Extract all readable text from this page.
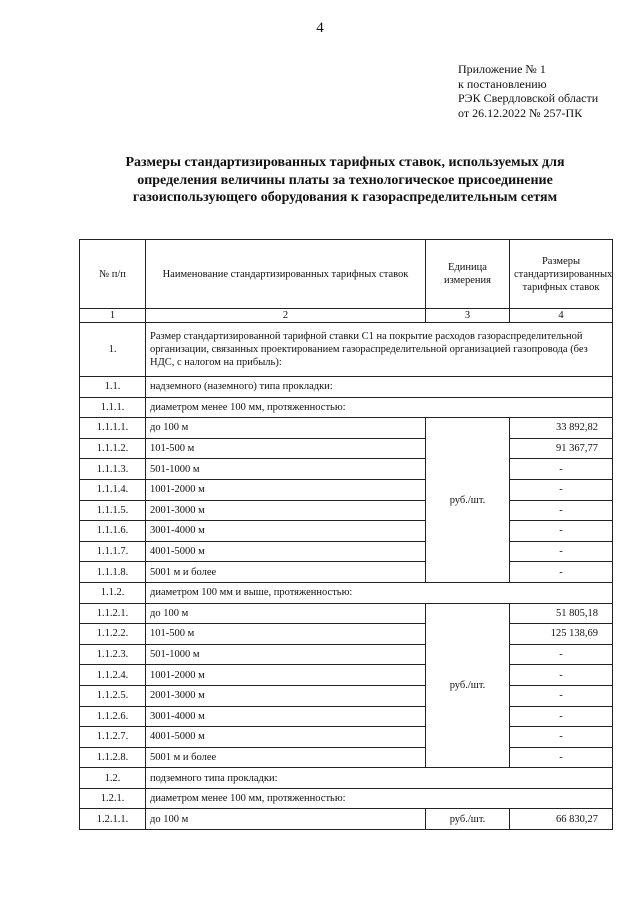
4
Приложение № 1
к постановлению
РЭК Свердловской области
от 26.12.2022 № 257-ПК
Размеры стандартизированных тарифных ставок, используемых для
определения величины платы за технологическое присоединение
газоиспользующего оборудования к газораспределительным сетям
№ п/п	Наименование стандартизированных тарифных ставок	Единица измерения	Размеры стандартизированных тарифных ставок
1	2	3	4
1.	Размер стандартизированной тарифной ставки С1 на покрытие расходов газораспределительной организации, связанных проектированием газораспределительной организацией газопровода (без НДС, с налогом на прибыль):		
1.1.	надземного (наземного) типа прокладки:		
1.1.1.	диаметром менее 100 мм, протяженностью:		
1.1.1.1.	до 100 м	руб./шт.	33 892,82
1.1.1.2.	101-500 м		91 367,77
1.1.1.3.	501-1000 м		-
1.1.1.4.	1001-2000 м		-
1.1.1.5.	2001-3000 м		-
1.1.1.6.	3001-4000 м		-
1.1.1.7.	4001-5000 м		-
1.1.1.8.	5001 м и более		-
1.1.2.	диаметром 100 мм и выше, протяженностью:		
1.1.2.1.	до 100 м	руб./шт.	51 805,18
1.1.2.2.	101-500 м		125 138,69
1.1.2.3.	501-1000 м		-
1.1.2.4.	1001-2000 м		-
1.1.2.5.	2001-3000 м		-
1.1.2.6.	3001-4000 м		-
1.1.2.7.	4001-5000 м		-
1.1.2.8.	5001 м и более		-
1.2.	подземного типа прокладки:		
1.2.1.	диаметром менее 100 мм, протяженностью:		
1.2.1.1.	до 100 м	руб./шт.	66 830,27
